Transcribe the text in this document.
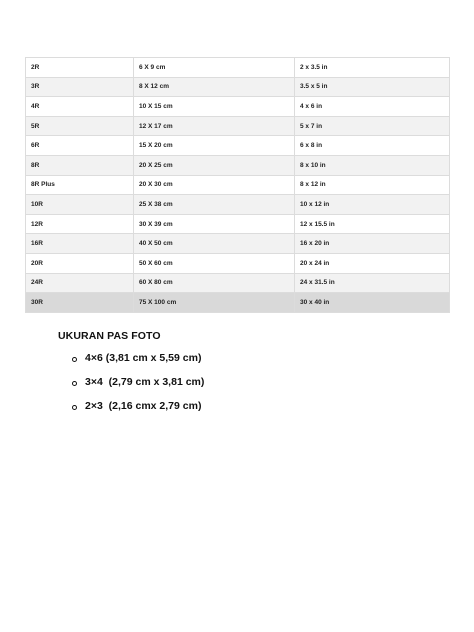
2R	6 X 9 cm	2 x 3.5 in
3R	8 X 12 cm	3.5 x 5 in
4R	10 X 15 cm	4 x 6 in
5R	12 X 17 cm	5 x 7 in
6R	15 X 20 cm	6 x 8 in
8R	20 X 25 cm	8 x 10 in
8R Plus	20 X 30 cm	8 x 12 in
10R	25 X 38 cm	10 x 12 in
12R	30 X 39 cm	12 x 15.5 in
16R	40 X 50 cm	16 x 20 in
20R	50 X 60 cm	20 x 24 in
24R	60 X 80 cm	24 x 31.5 in
30R	75 X 100 cm	30 x 40 in
UKURAN PAS FOTO
4×6 (3,81 cm x 5,59 cm)
3×4  (2,79 cm x 3,81 cm)
2×3  (2,16 cmx 2,79 cm)
